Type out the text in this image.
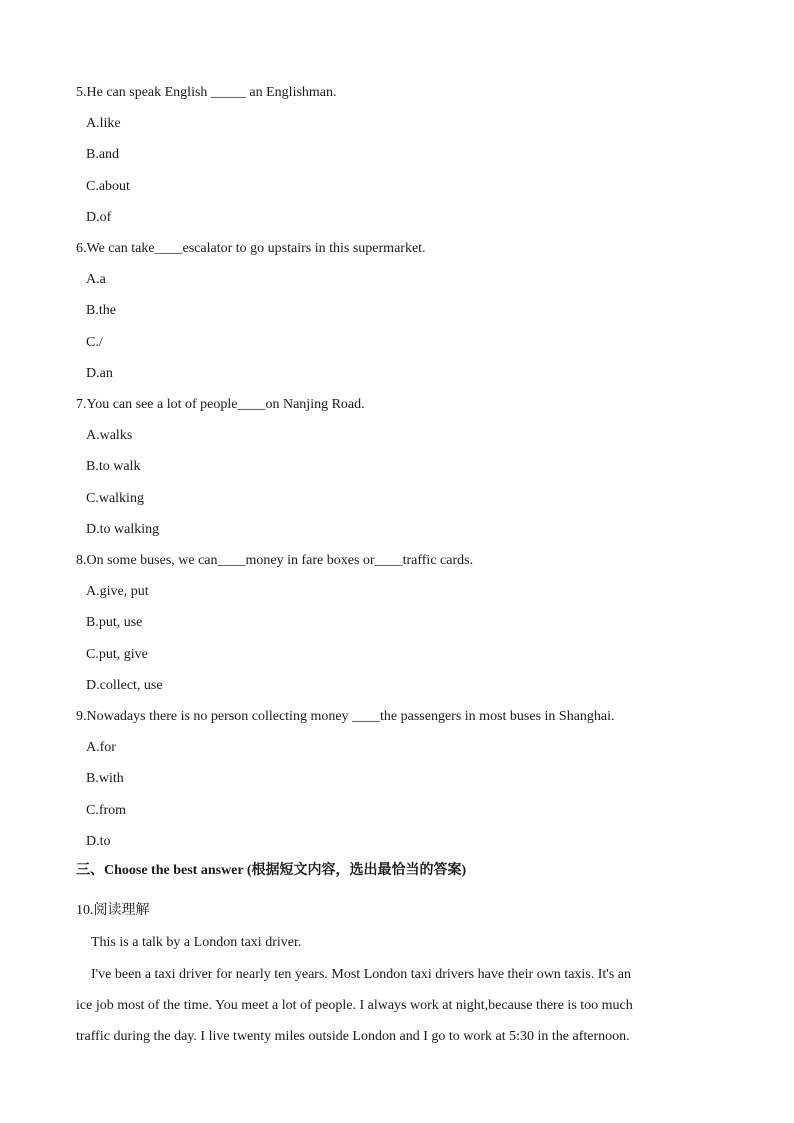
5.He can speak English _____ an Englishman.
A.like
B.and
C.about
D.of
6.We can take____escalator to go upstairs in this supermarket.
A.a
B.the
C./
D.an
7.You can see a lot of people____on Nanjing Road.
A.walks
B.to walk
C.walking
D.to walking
8.On some buses, we can____money in fare boxes or____traffic cards.
A.give, put
B.put, use
C.put, give
D.collect, use
9.Nowadays there is no person collecting money ____the passengers in most buses in Shanghai.
A.for
B.with
C.from
D.to
三、Choose the best answer (根据短文内容，选出最恰当的答案)
10.阅读理解
This is a talk by a London taxi driver.
I've been a taxi driver for nearly ten years. Most London taxi drivers have their own taxis. It's an
ice job most of the time. You meet a lot of people. I always work at night,because there is too much
traffic during the day. I live twenty miles outside London and I go to work at 5:30 in the afternoon.
